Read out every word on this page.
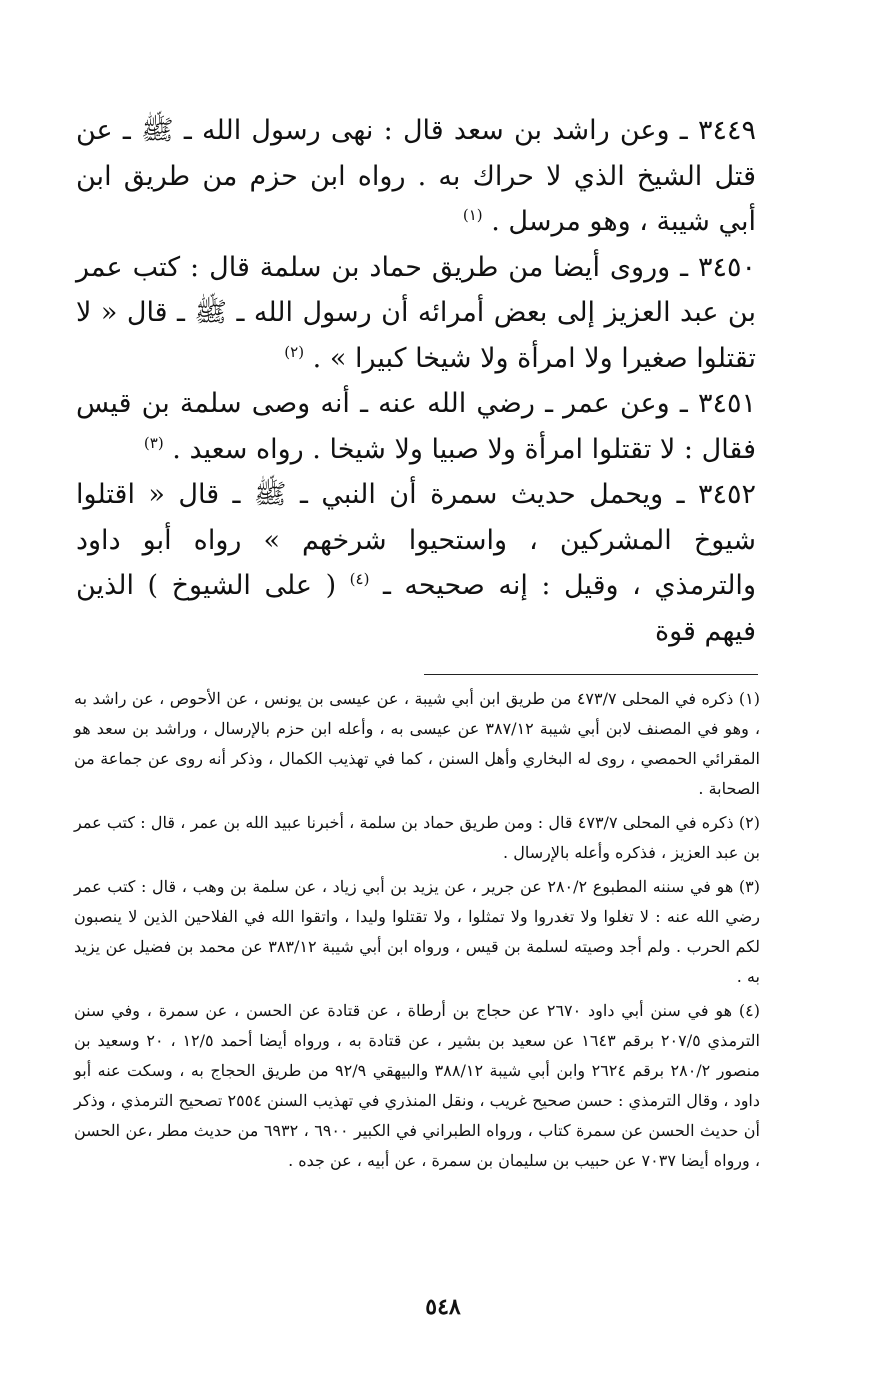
٣٤٤٩ ـ وعن راشد بن سعد قال : نهى رسول الله ـ ﷺ ـ عن قتل الشيخ الذي لا حراك به . رواه ابن حزم من طريق ابن أبي شيبة ، وهو مرسل . $^{(١)}$

٣٤٥٠ ـ وروى أيضا من طريق حماد بن سلمة قال : كتب عمر بن عبد العزيز إلى بعض أمرائه أن رسول الله ـ ﷺ ـ قال « لا تقتلوا صغيرا ولا امرأة ولا شيخا كبيرا » . $^{(٢)}$

٣٤٥١ ـ وعن عمر ـ رضي الله عنه ـ أنه وصى سلمة بن قيس فقال : لا تقتلوا امرأة ولا صبيا ولا شيخا . رواه سعيد . $^{(٣)}$

٣٤٥٢ ـ ويحمل حديث سمرة أن النبي ـ ﷺ ـ قال « اقتلوا شيوخ المشركين ، واستحيوا شرخهم » رواه أبو داود والترمذي ، وقيل : إنه صحيحه ـ $^{(٤)}$ ( على الشيوخ ) الذين فيهم قوة

(١) ذكره في المحلى ٤٧٣/٧ من طريق ابن أبي شيبة ، عن عيسى بن يونس ، عن الأحوص ، عن راشد به ، وهو في المصنف لابن أبي شيبة ٣٨٧/١٢ عن عيسى به ، وأعله ابن حزم بالإرسال ، وراشد بن سعد هو المقرائي الحمصي ، روى له البخاري وأهل السنن ، كما في تهذيب الكمال ، وذكر أنه روى عن جماعة من الصحابة .

(٢) ذكره في المحلى ٤٧٣/٧ قال : ومن طريق حماد بن سلمة ، أخبرنا عبيد الله بن عمر ، قال : كتب عمر بن عبد العزيز ، فذكره وأعله بالإرسال .

(٣) هو في سننه المطبوع ٢٨٠/٢ عن جرير ، عن يزيد بن أبي زياد ، عن سلمة بن وهب ، قال : كتب عمر رضي الله عنه : لا تغلوا ولا تغدروا ولا تمثلوا ، ولا تقتلوا وليدا ، واتقوا الله في الفلاحين الذين لا ينصبون لكم الحرب . ولم أجد وصيته لسلمة بن قيس ، ورواه ابن أبي شيبة ٣٨٣/١٢ عن محمد بن فضيل عن يزيد به .

(٤) هو في سنن أبي داود ٢٦٧٠ عن حجاج بن أرطاة ، عن قتادة عن الحسن ، عن سمرة ، وفي سنن الترمذي ٢٠٧/٥ برقم ١٦٤٣ عن سعيد بن بشير ، عن قتادة به ، ورواه أيضا أحمد ١٢/٥ ، ٢٠ وسعيد بن منصور ٢٨٠/٢ برقم ٢٦٢٤ وابن أبي شيبة ٣٨٨/١٢ والبيهقي ٩٢/٩ من طريق الحجاج به ، وسكت عنه أبو داود ، وقال الترمذي : حسن صحيح غريب ، ونقل المنذري في تهذيب السنن ٢٥٥٤ تصحيح الترمذي ، وذكر أن حديث الحسن عن سمرة كتاب ، ورواه الطبراني في الكبير ٦٩٠٠ ، ٦٩٣٢ من حديث مطر ،عن الحسن ، ورواه أيضا ٧٠٣٧ عن حبيب بن سليمان بن سمرة ، عن أبيه ، عن جده .

٥٤٨
